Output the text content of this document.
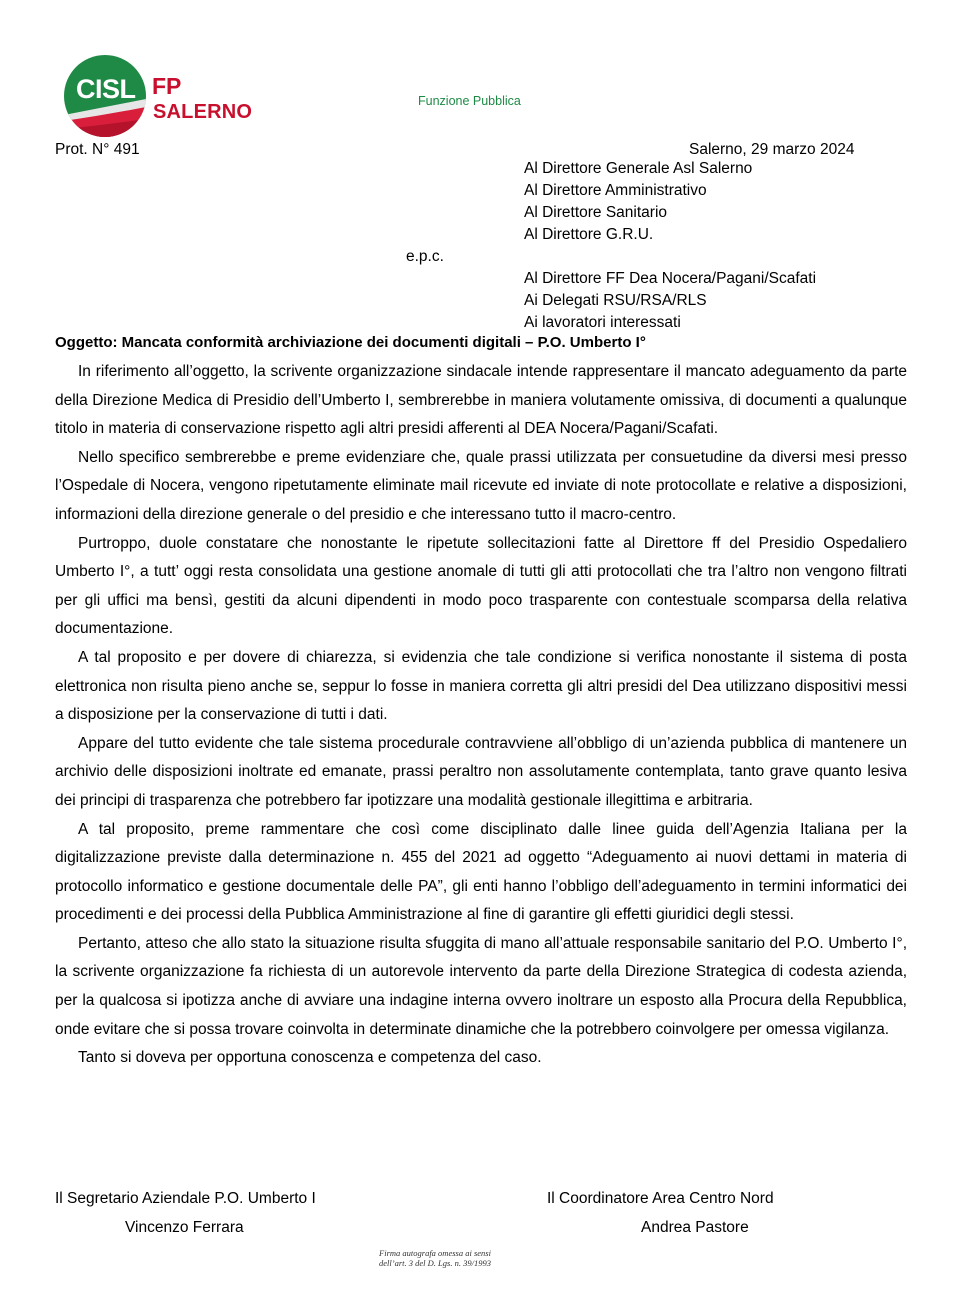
CISL FP
SALERNO	Funzione Pubblica
Prot. N° 491	Salerno, 29 marzo 2024
Al Direttore Generale Asl Salerno
Al Direttore Amministrativo
Al Direttore Sanitario
Al Direttore G.R.U.
e.p.c.
Al Direttore FF Dea Nocera/Pagani/Scafati
Ai Delegati RSU/RSA/RLS
Ai lavoratori interessati
Oggetto: Mancata conformità archiviazione dei documenti digitali – P.O. Umberto I°

In riferimento all’oggetto, la scrivente organizzazione sindacale intende rappresentare il mancato adeguamento da parte della Direzione Medica di Presidio dell’Umberto I, sembrerebbe in maniera volutamente omissiva, di documenti a qualunque titolo in materia di conservazione rispetto agli altri presidi afferenti al DEA Nocera/Pagani/Scafati.

Nello specifico sembrerebbe e preme evidenziare che, quale prassi utilizzata per consuetudine da diversi mesi presso l’Ospedale di Nocera, vengono ripetutamente eliminate mail ricevute ed inviate di note protocollate e relative a disposizioni, informazioni della direzione generale o del presidio e che interessano tutto il macro-centro.

Purtroppo, duole constatare che nonostante le ripetute sollecitazioni fatte al Direttore ff del Presidio Ospedaliero Umberto I°, a tutt’ oggi resta consolidata una gestione anomale di tutti gli atti protocollati che tra l’altro non vengono filtrati per gli uffici ma bensì, gestiti da alcuni dipendenti in modo poco trasparente con contestuale scomparsa della relativa documentazione.

A tal proposito e per dovere di chiarezza, si evidenzia che tale condizione si verifica nonostante il sistema di posta elettronica non risulta pieno anche se, seppur lo fosse in maniera corretta gli altri presidi del Dea utilizzano dispositivi messi a disposizione per la conservazione di tutti i dati.

Appare del tutto evidente che tale sistema procedurale contravviene all’obbligo di un’azienda pubblica di mantenere un archivio delle disposizioni inoltrate ed emanate, prassi peraltro non assolutamente contemplata, tanto grave quanto lesiva dei principi di trasparenza che potrebbero far ipotizzare una modalità gestionale illegittima e arbitraria.

A tal proposito, preme rammentare che così come disciplinato dalle linee guida dell’Agenzia Italiana per la digitalizzazione previste dalla determinazione n. 455 del 2021 ad oggetto “Adeguamento ai nuovi dettami in materia di protocollo informatico e gestione documentale delle PA”, gli enti hanno l’obbligo dell’adeguamento in termini informatici dei procedimenti e dei processi della Pubblica Amministrazione al fine di garantire gli effetti giuridici degli stessi.

Pertanto, atteso che allo stato la situazione risulta sfuggita di mano all’attuale responsabile sanitario del P.O. Umberto I°, la scrivente organizzazione fa richiesta di un autorevole intervento da parte della Direzione Strategica di codesta azienda, per la qualcosa si ipotizza anche di avviare una indagine interna ovvero inoltrare un esposto alla Procura della Repubblica, onde evitare che si possa trovare coinvolta in determinate dinamiche che la potrebbero coinvolgere per omessa vigilanza.

Tanto si doveva per opportuna conoscenza e competenza del caso.

Il Segretario Aziendale P.O. Umberto I	Il Coordinatore Area Centro Nord
Vincenzo Ferrara	Andrea Pastore
Firma autografa omessa ai sensi
dell’art. 3 del D. Lgs. n. 39/1993
